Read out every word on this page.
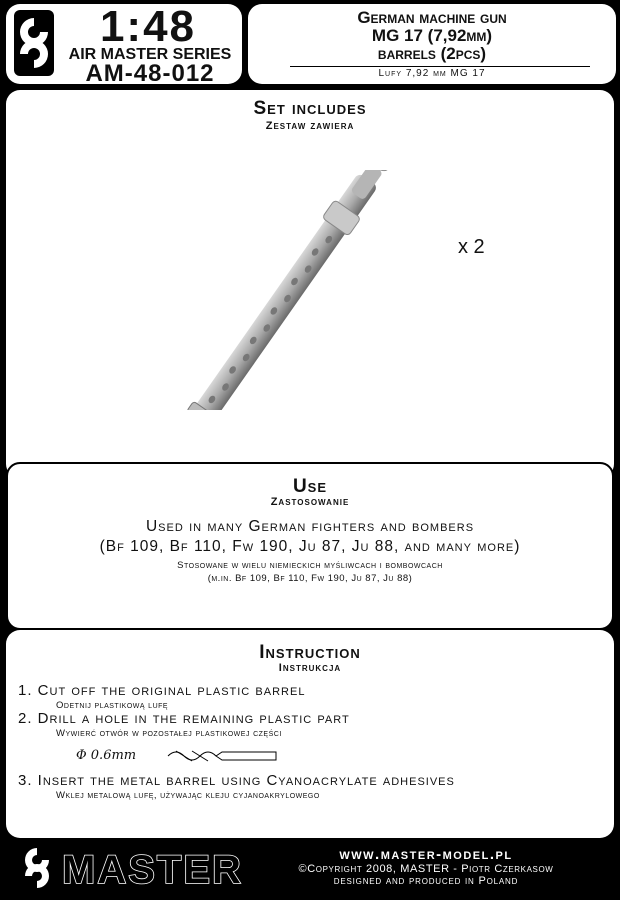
1:48
AIR MASTER SERIES
AM-48-012
German machine gun
MG 17 (7,92mm)
barrels (2pcs)
Lufy 7,92 mm MG 17
Set includes
Zestaw zawiera
x 2
Use
Zastosowanie
Used in many German fighters and bombers
(Bf 109, Bf 110, Fw 190, Ju 87, Ju 88, and many more)
Stosowane w wielu niemieckich myśliwcach i bombowcach
(m.in. Bf 109, Bf 110, Fw 190, Ju 87, Ju 88)
Instruction
Instrukcja
1. Cut off the original plastic barrel
Odetnij plastikową lufę
2. Drill a hole in the remaining plastic part
Wywierć otwór w pozostałej plastikowej części
Φ 0.6mm
3. Insert the metal barrel using Cyanoacrylate adhesives
Wklej metalową lufę, używając kleju cyjanoakrylowego
MASTER	www.master-model.pl
©Copyright 2008, MASTER - Piotr Czerkasow
designed and produced in Poland
